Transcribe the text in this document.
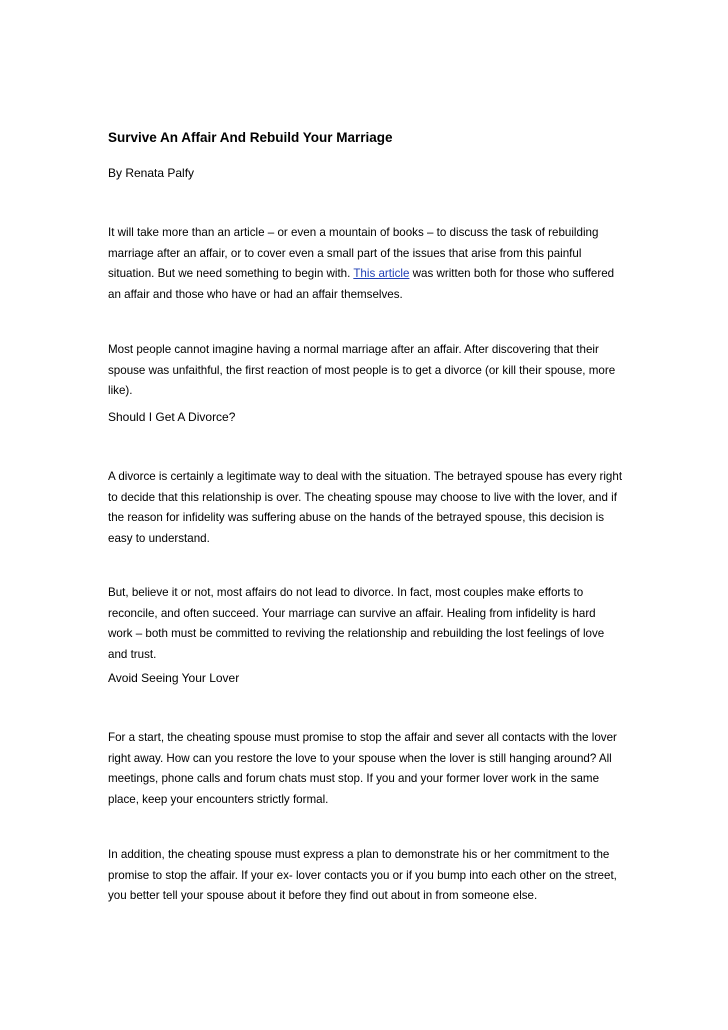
Survive An Affair And Rebuild Your Marriage
By Renata Palfy

It will take more than an article – or even a mountain of books – to discuss the task of rebuilding marriage after an affair, or to cover even a small part of the issues that arise from this painful situation. But we need something to begin with. This article was written both for those who suffered an affair and those who have or had an affair themselves.

Most people cannot imagine having a normal marriage after an affair. After discovering that their spouse was unfaithful, the first reaction of most people is to get a divorce (or kill their spouse, more like).

Should I Get A Divorce?

A divorce is certainly a legitimate way to deal with the situation. The betrayed spouse has every right to decide that this relationship is over. The cheating spouse may choose to live with the lover, and if the reason for infidelity was suffering abuse on the hands of the betrayed spouse, this decision is easy to understand.

But, believe it or not, most affairs do not lead to divorce. In fact, most couples make efforts to reconcile, and often succeed. Your marriage can survive an affair. Healing from infidelity is hard work – both must be committed to reviving the relationship and rebuilding the lost feelings of love and trust.

Avoid Seeing Your Lover

For a start, the cheating spouse must promise to stop the affair and sever all contacts with the lover right away. How can you restore the love to your spouse when the lover is still hanging around? All meetings, phone calls and forum chats must stop. If you and your former lover work in the same place, keep your encounters strictly formal.

In addition, the cheating spouse must express a plan to demonstrate his or her commitment to the promise to stop the affair. If your ex- lover contacts you or if you bump into each other on the street, you better tell your spouse about it before they find out about in from someone else.
